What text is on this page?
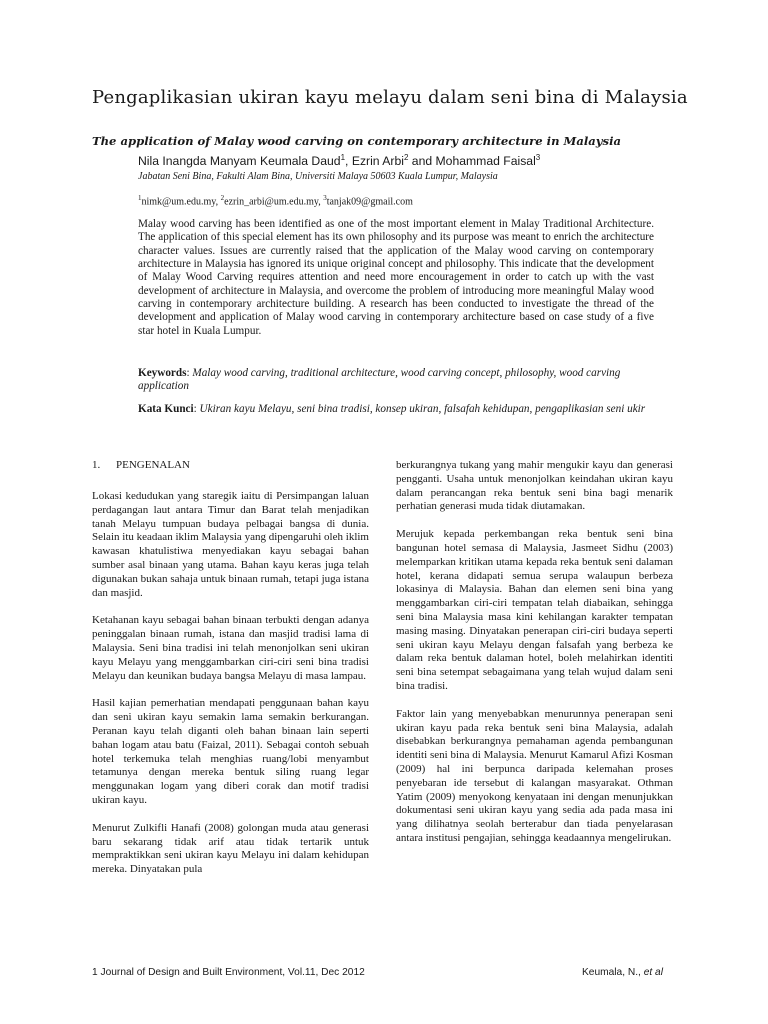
Pengaplikasian ukiran kayu melayu dalam seni bina di Malaysia
The application of Malay wood carving on contemporary architecture in Malaysia
Nila Inangda Manyam Keumala Daud$^1$, Ezrin Arbi$^2$ and Mohammad Faisal$^3$
Jabatan Seni Bina, Fakulti Alam Bina, Universiti Malaya 50603 Kuala Lumpur, Malaysia
$^1$nimk@um.edu.my, $^2$ezrin_arbi@um.edu.my, $^3$tanjak09@gmail.com

Malay wood carving has been identified as one of the most important element in Malay Traditional Architecture. The application of this special element has its own philosophy and its purpose was meant to enrich the architecture character values. Issues are currently raised that the application of the Malay wood carving on contemporary architecture in Malaysia has ignored its unique original concept and philosophy. This indicate that the development of Malay Wood Carving requires attention and need more encouragement in order to catch up with the vast development of architecture in Malaysia, and overcome the problem of introducing more meaningful Malay wood carving in contemporary architecture building. A research has been conducted to investigate the thread of the development and application of Malay wood carving in contemporary architecture based on case study of a five star hotel in Kuala Lumpur.

Keywords: Malay wood carving, traditional architecture, wood carving concept, philosophy, wood carving application

Kata Kunci: Ukiran kayu Melayu, seni bina tradisi, konsep ukiran, falsafah kehidupan, pengaplikasian seni ukir

1. PENGENALAN

Lokasi kedudukan yang staregik iaitu di Persimpangan laluan perdagangan laut antara Timur dan Barat telah menjadikan tanah Melayu tumpuan budaya pelbagai bangsa di dunia. Selain itu keadaan iklim Malaysia yang dipengaruhi oleh iklim kawasan khatulistiwa menyediakan kayu sebagai bahan sumber asal binaan yang utama. Bahan kayu keras juga telah digunakan bukan sahaja untuk binaan rumah, tetapi juga istana dan masjid.

Ketahanan kayu sebagai bahan binaan terbukti dengan adanya peninggalan binaan rumah, istana dan masjid tradisi lama di Malaysia. Seni bina tradisi ini telah menonjolkan seni ukiran kayu Melayu yang menggambarkan ciri-ciri seni bina tradisi Melayu dan keunikan budaya bangsa Melayu di masa lampau.

Hasil kajian pemerhatian mendapati penggunaan bahan kayu dan seni ukiran kayu semakin lama semakin berkurangan. Peranan kayu telah diganti oleh bahan binaan lain seperti bahan logam atau batu (Faizal, 2011). Sebagai contoh sebuah hotel terkemuka telah menghias ruang/lobi menyambut tetamunya dengan mereka bentuk siling ruang legar menggunakan logam yang diberi corak dan motif tradisi ukiran kayu.

Menurut Zulkifli Hanafi (2008) golongan muda atau generasi baru sekarang tidak arif atau tidak tertarik untuk mempraktikkan seni ukiran kayu Melayu ini dalam kehidupan mereka. Dinyatakan pula

berkurangnya tukang yang mahir mengukir kayu dan generasi pengganti. Usaha untuk menonjolkan keindahan ukiran kayu dalam perancangan reka bentuk seni bina bagi menarik perhatian generasi muda tidak diutamakan.

Merujuk kepada perkembangan reka bentuk seni bina bangunan hotel semasa di Malaysia, Jasmeet Sidhu (2003) melemparkan kritikan utama kepada reka bentuk seni dalaman hotel, kerana didapati semua serupa walaupun berbeza lokasinya di Malaysia. Bahan dan elemen seni bina yang menggambarkan ciri-ciri tempatan telah diabaikan, sehingga seni bina Malaysia masa kini kehilangan karakter tempatan masing masing. Dinyatakan penerapan ciri-ciri budaya seperti seni ukiran kayu Melayu dengan falsafah yang berbeza ke dalam reka bentuk dalaman hotel, boleh melahirkan identiti seni bina setempat sebagaimana yang telah wujud dalam seni bina tradisi.

Faktor lain yang menyebabkan menurunnya penerapan seni ukiran kayu pada reka bentuk seni bina Malaysia, adalah disebabkan berkurangnya pemahaman agenda pembangunan identiti seni bina di Malaysia. Menurut Kamarul Afizi Kosman (2009) hal ini berpunca daripada kelemahan proses penyebaran ide tersebut di kalangan masyarakat. Othman Yatim (2009) menyokong kenyataan ini dengan menunjukkan dokumentasi seni ukiran kayu yang sedia ada pada masa ini yang dilihatnya seolah berterabur dan tiada penyelarasan antara institusi pengajian, sehingga keadaannya mengelirukan.

1 Journal of Design and Built Environment, Vol.11, Dec 2012	Keumala, N., et al
